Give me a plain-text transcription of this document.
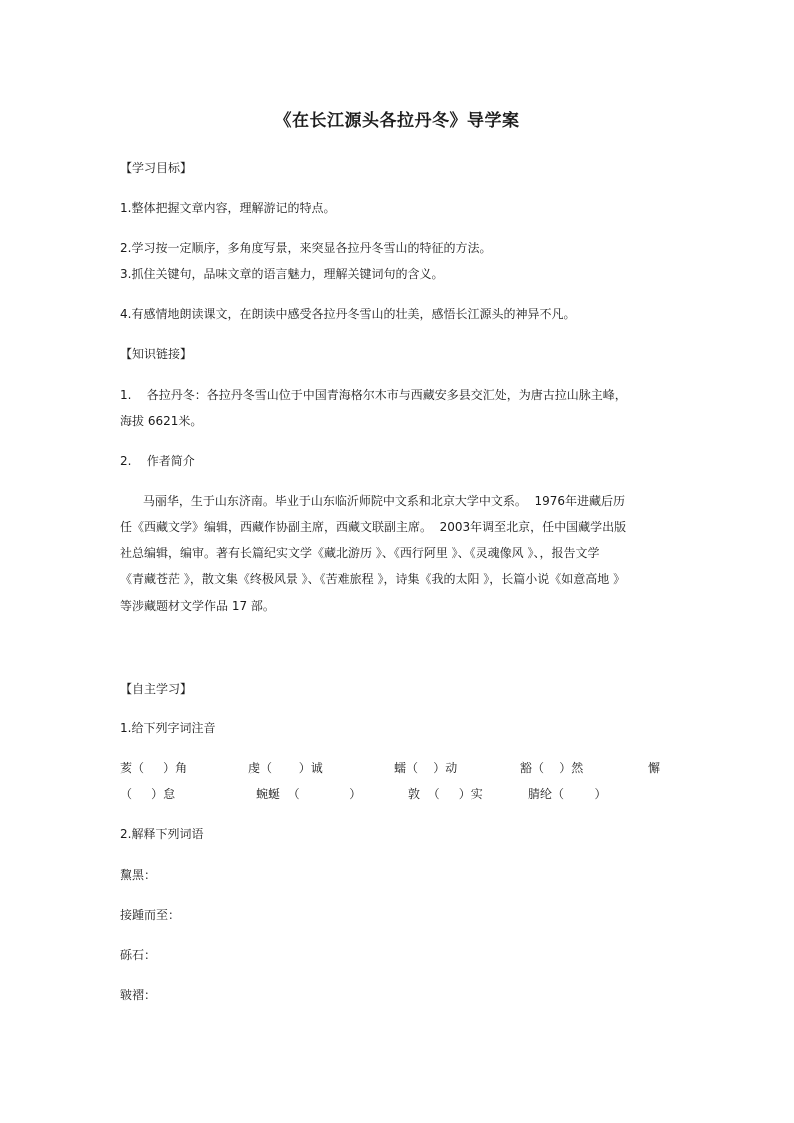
《在长江源头各拉丹冬》导学案
【学习目标】
1.整体把握文章内容，理解游记的特点。
2.学习按一定顺序，多角度写景，来突显各拉丹冬雪山的特征的方法。
3.抓住关键句，品味文章的语言魅力，理解关键词句的含义。
4.有感情地朗读课文，在朗读中感受各拉丹冬雪山的壮美，感悟长江源头的神异不凡。
【知识链接】
1.    各拉丹冬：各拉丹冬雪山位于中国青海格尔木市与西藏安多县交汇处，为唐古拉山脉主峰，
海拔 6621米。
2.    作者简介
马丽华，生于山东济南。毕业于山东临沂师院中文系和北京大学中文系。  1976年进藏后历
任《西藏文学》编辑，西藏作协副主席，西藏文联副主席。  2003年调至北京，任中国藏学出版
社总编辑，编审。著有长篇纪实文学《藏北游历 》、《西行阿里 》、《灵魂像风 》、，报告文学
《青藏苍茫 》，散文集《终极风景 》、《苦难旅程 》，诗集《我的太阳 》，长篇小说《如意高地 》
等涉藏题材文学作品 17 部。
【自主学习】
1.给下列字词注音
荄（     ）角	虔（       ）诚	蠕（    ）动	豁（    ）然	懈
（     ）怠	蜿蜒  （             ）	敦  （     ）实	腈纶（        ）
2.解释下列词语
黧黑：
接踵而至：
砾石：
皲褶：
